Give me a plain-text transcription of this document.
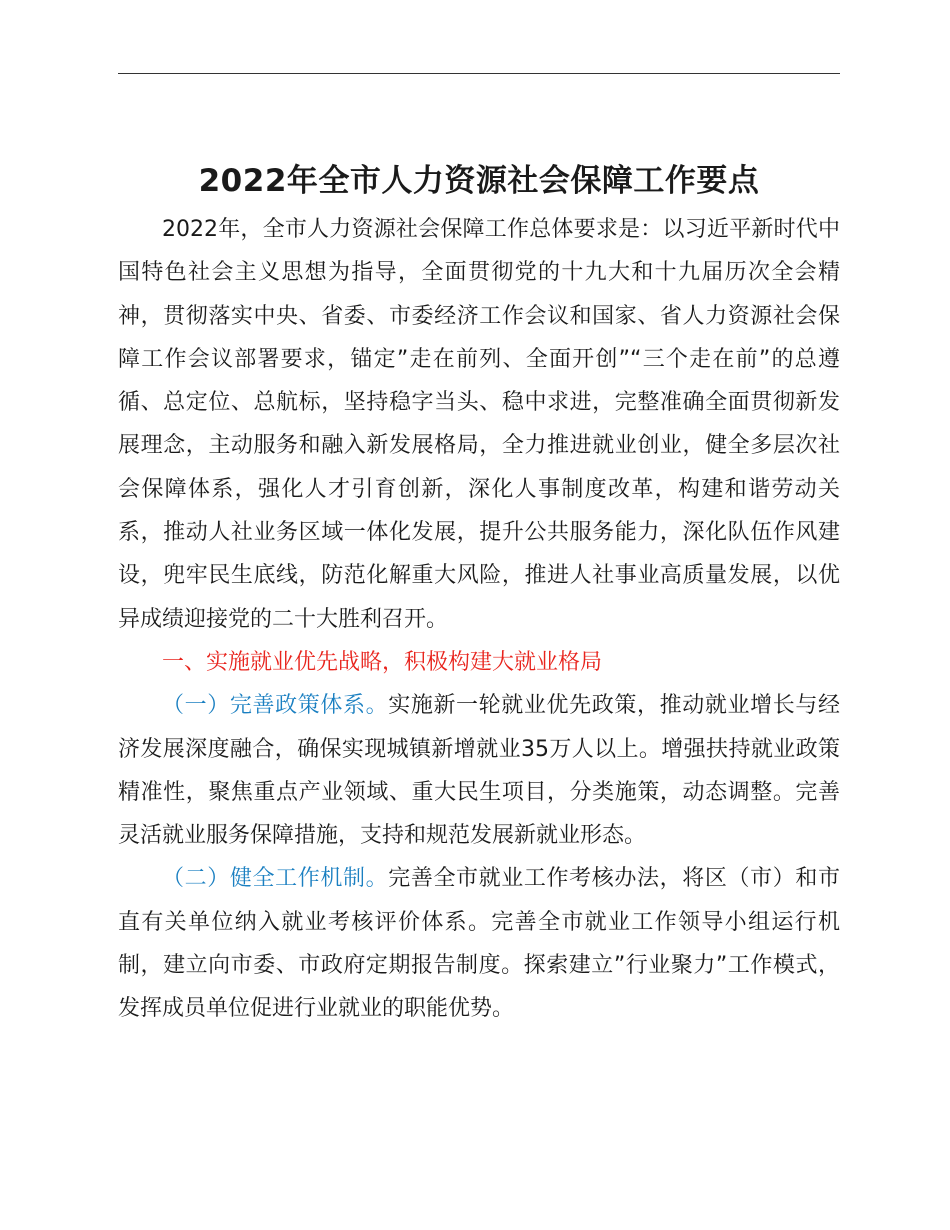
2022年全市人力资源社会保障工作要点

2022年，全市人力资源社会保障工作总体要求是：以习近平新时代中国特色社会主义思想为指导，全面贯彻党的十九大和十九届历次全会精神，贯彻落实中央、省委、市委经济工作会议和国家、省人力资源社会保障工作会议部署要求，锚定”走在前列、全面开创”“三个走在前”的总遵循、总定位、总航标，坚持稳字当头、稳中求进，完整准确全面贯彻新发展理念，主动服务和融入新发展格局，全力推进就业创业，健全多层次社会保障体系，强化人才引育创新，深化人事制度改革，构建和谐劳动关系，推动人社业务区域一体化发展，提升公共服务能力，深化队伍作风建设，兜牢民生底线，防范化解重大风险，推进人社事业高质量发展，以优异成绩迎接党的二十大胜利召开。

一、实施就业优先战略，积极构建大就业格局

（一）完善政策体系。实施新一轮就业优先政策，推动就业增长与经济发展深度融合，确保实现城镇新增就业35万人以上。增强扶持就业政策精准性，聚焦重点产业领域、重大民生项目，分类施策，动态调整。完善灵活就业服务保障措施，支持和规范发展新就业形态。

（二）健全工作机制。完善全市就业工作考核办法，将区（市）和市直有关单位纳入就业考核评价体系。完善全市就业工作领导小组运行机制，建立向市委、市政府定期报告制度。探索建立”行业聚力”工作模式，发挥成员单位促进行业就业的职能优势。
